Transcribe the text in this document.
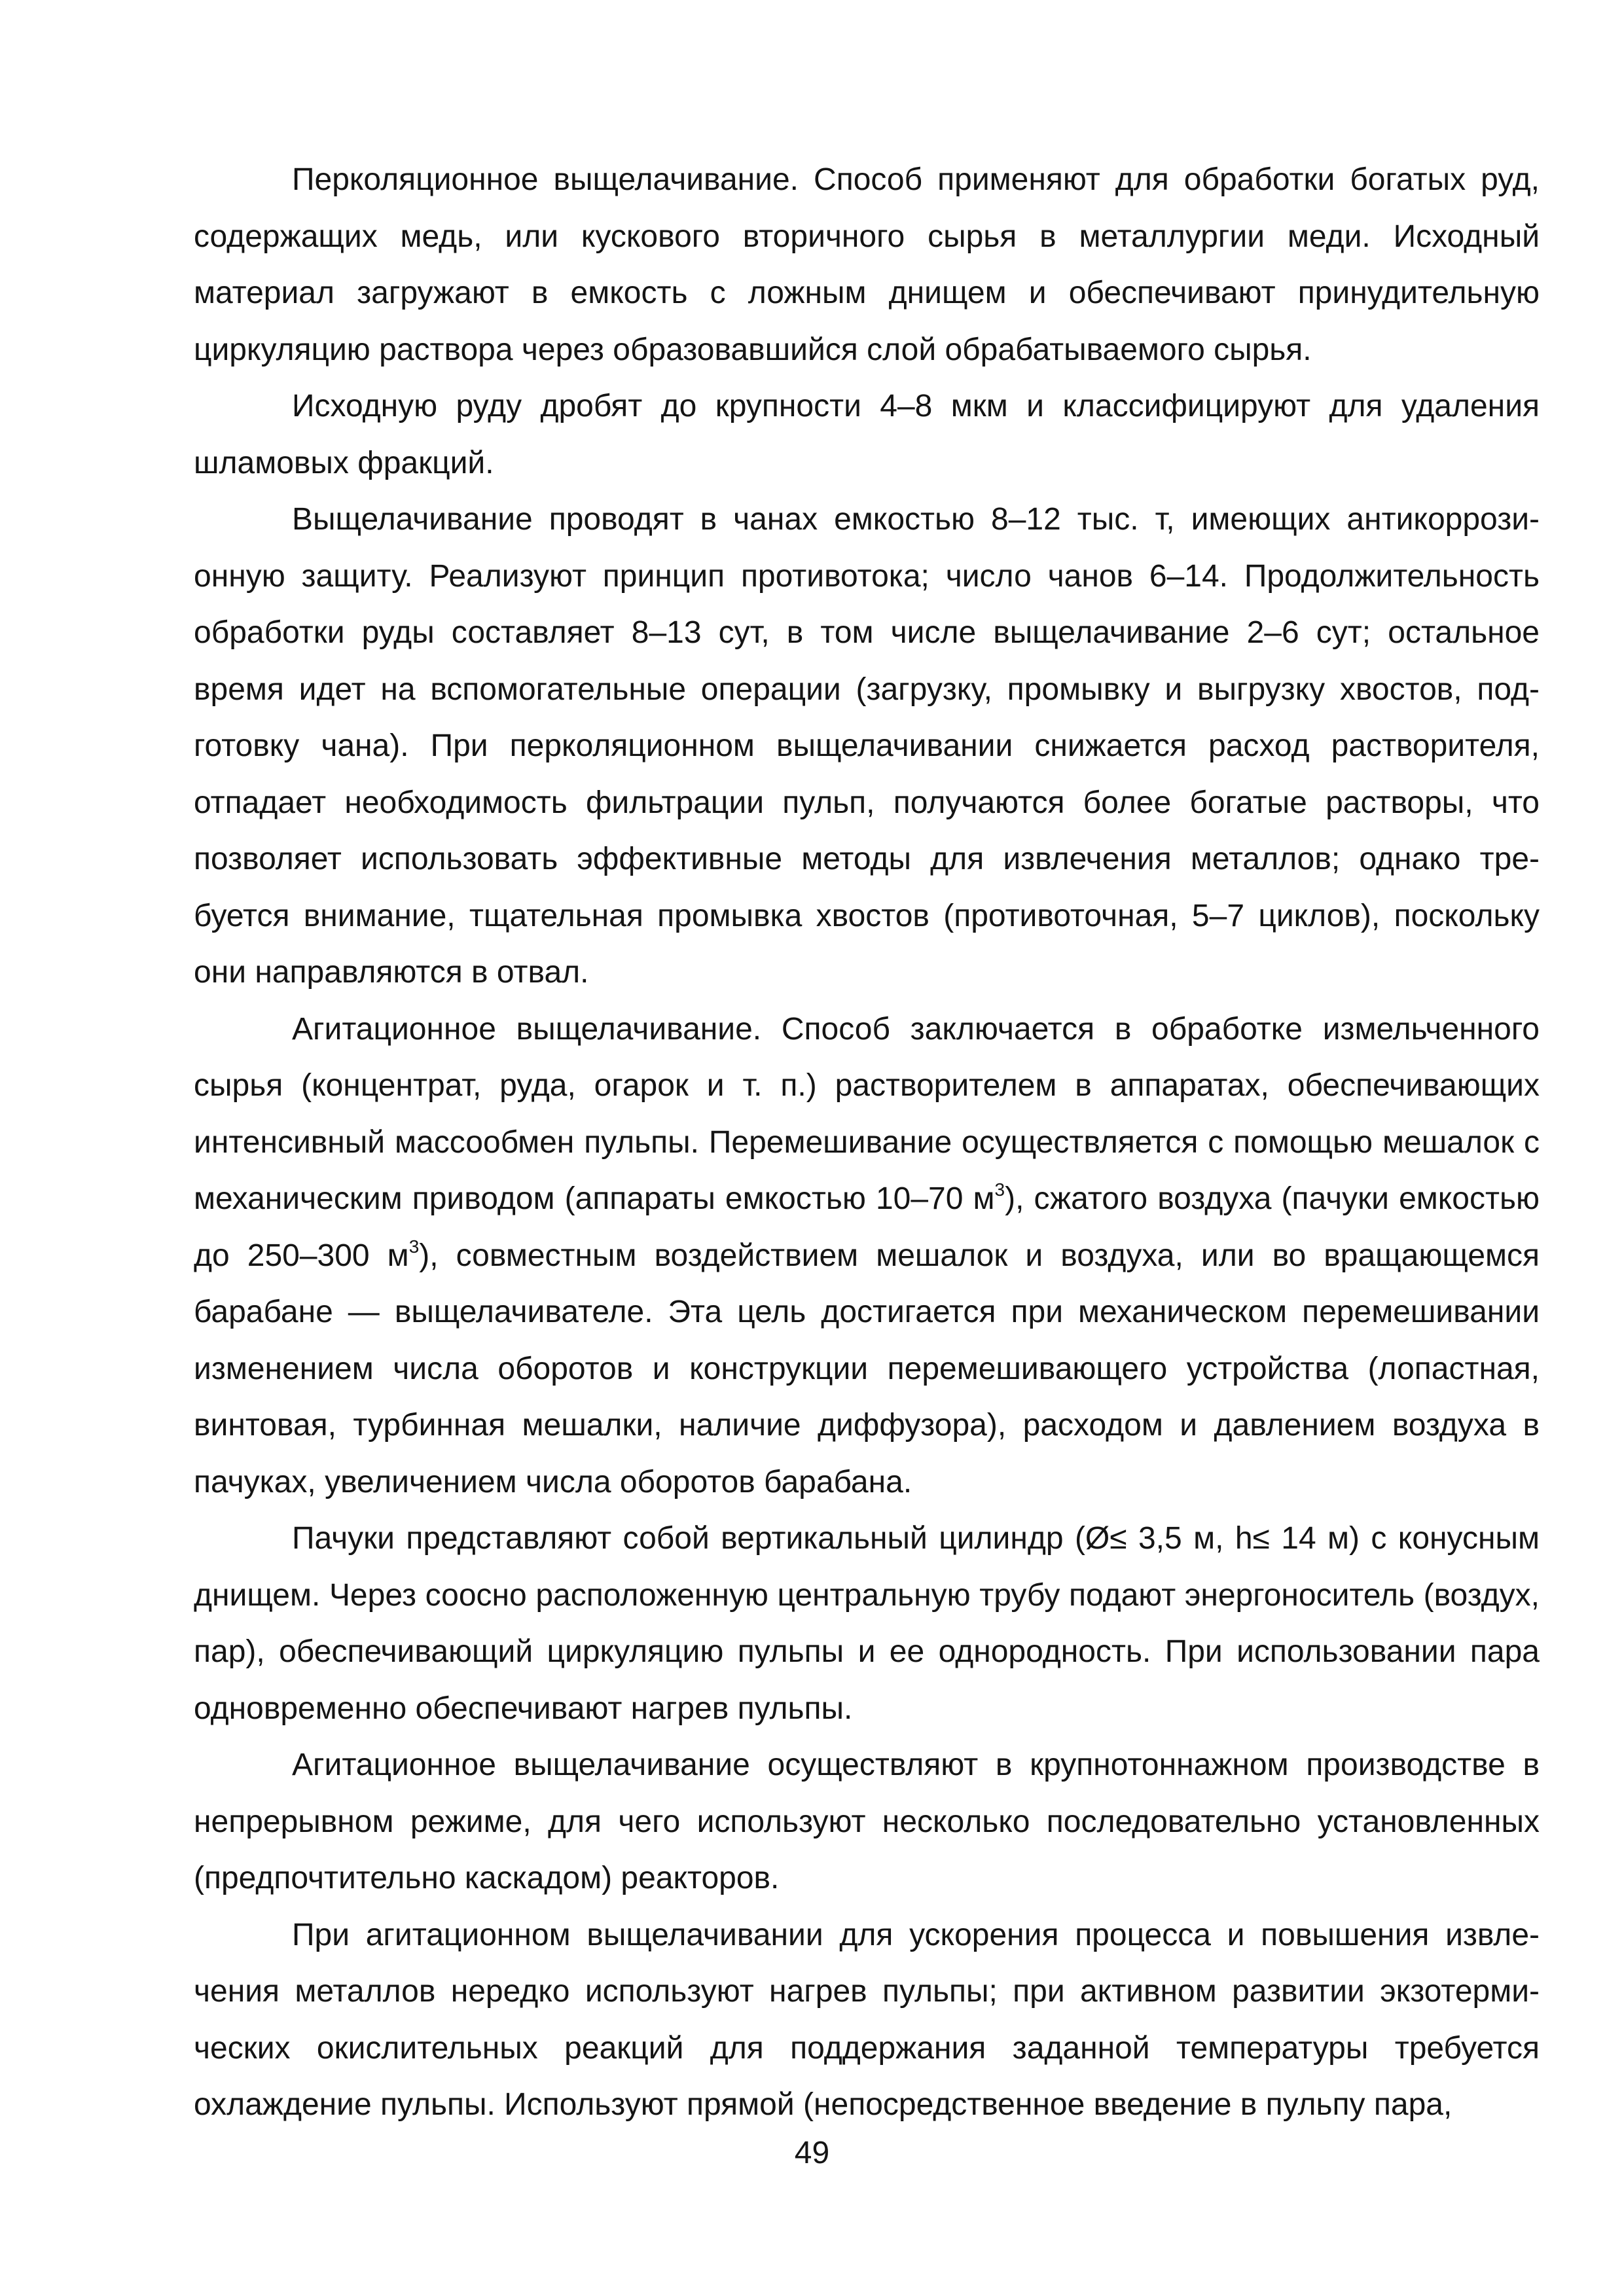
Перколяционное выщелачивание. Способ применяют для обработки богатых руд, содержащих медь, или кускового вторичного сырья в металлургии меди. Исходный материал загружают в емкость с ложным днищем и обеспечивают принудительную циркуляцию раствора через образовавшийся слой обрабатываемого сырья.

Исходную руду дробят до крупности 4–8 мкм и классифицируют для удаления шламовых фракций.

Выщелачивание проводят в чанах емкостью 8–12 тыс. т, имеющих антикоррозионную защиту. Реализуют принцип противотока; число чанов 6–14. Продолжительность обработки руды составляет 8–13 сут, в том числе выщелачивание 2–6 сут; остальное время идет на вспомогательные операции (загрузку, промывку и выгрузку хвостов, подготовку чана). При перколяционном выщелачивании снижается расход растворителя, отпадает необходимость фильтрации пульп, получаются более богатые растворы, что позволяет использовать эффективные методы для извлечения металлов; однако требуется внимание, тщательная промывка хвостов (противоточная, 5–7 циклов), поскольку они направляются в отвал.

Агитационное выщелачивание. Способ заключается в обработке измельченного сырья (концентрат, руда, огарок и т. п.) растворителем в аппаратах, обеспечивающих интенсивный массообмен пульпы. Перемешивание осуществляется с помощью мешалок с механическим приводом (аппараты емкостью 10–70 $м^3$), сжатого воздуха (пачуки емкостью до 250–300 $м^3$), совместным воздействием мешалок и воздуха, или во вращающемся барабане — выщелачивателе. Эта цель достигается при механическом перемешивании изменением числа оборотов и конструкции перемешивающего устройства (лопастная, винтовая, турбинная мешалки, наличие диффузора), расходом и давлением воздуха в пачуках, увеличением числа оборотов барабана.

Пачуки представляют собой вертикальный цилиндр (Ø≤ 3,5 м, h≤ 14 м) с конусным днищем. Через соосно расположенную центральную трубу подают энергоноситель (воздух, пар), обеспечивающий циркуляцию пульпы и ее однородность. При использовании пара одновременно обеспечивают нагрев пульпы.

Агитационное выщелачивание осуществляют в крупнотоннажном производстве в непрерывном режиме, для чего используют несколько последовательно установленных (предпочтительно каскадом) реакторов.

При агитационном выщелачивании для ускорения процесса и повышения извлечения металлов нередко используют нагрев пульпы; при активном развитии экзотермических окислительных реакций для поддержания заданной температуры требуется охлаждение пульпы. Используют прямой (непосредственное введение в пульпу пара,

49
